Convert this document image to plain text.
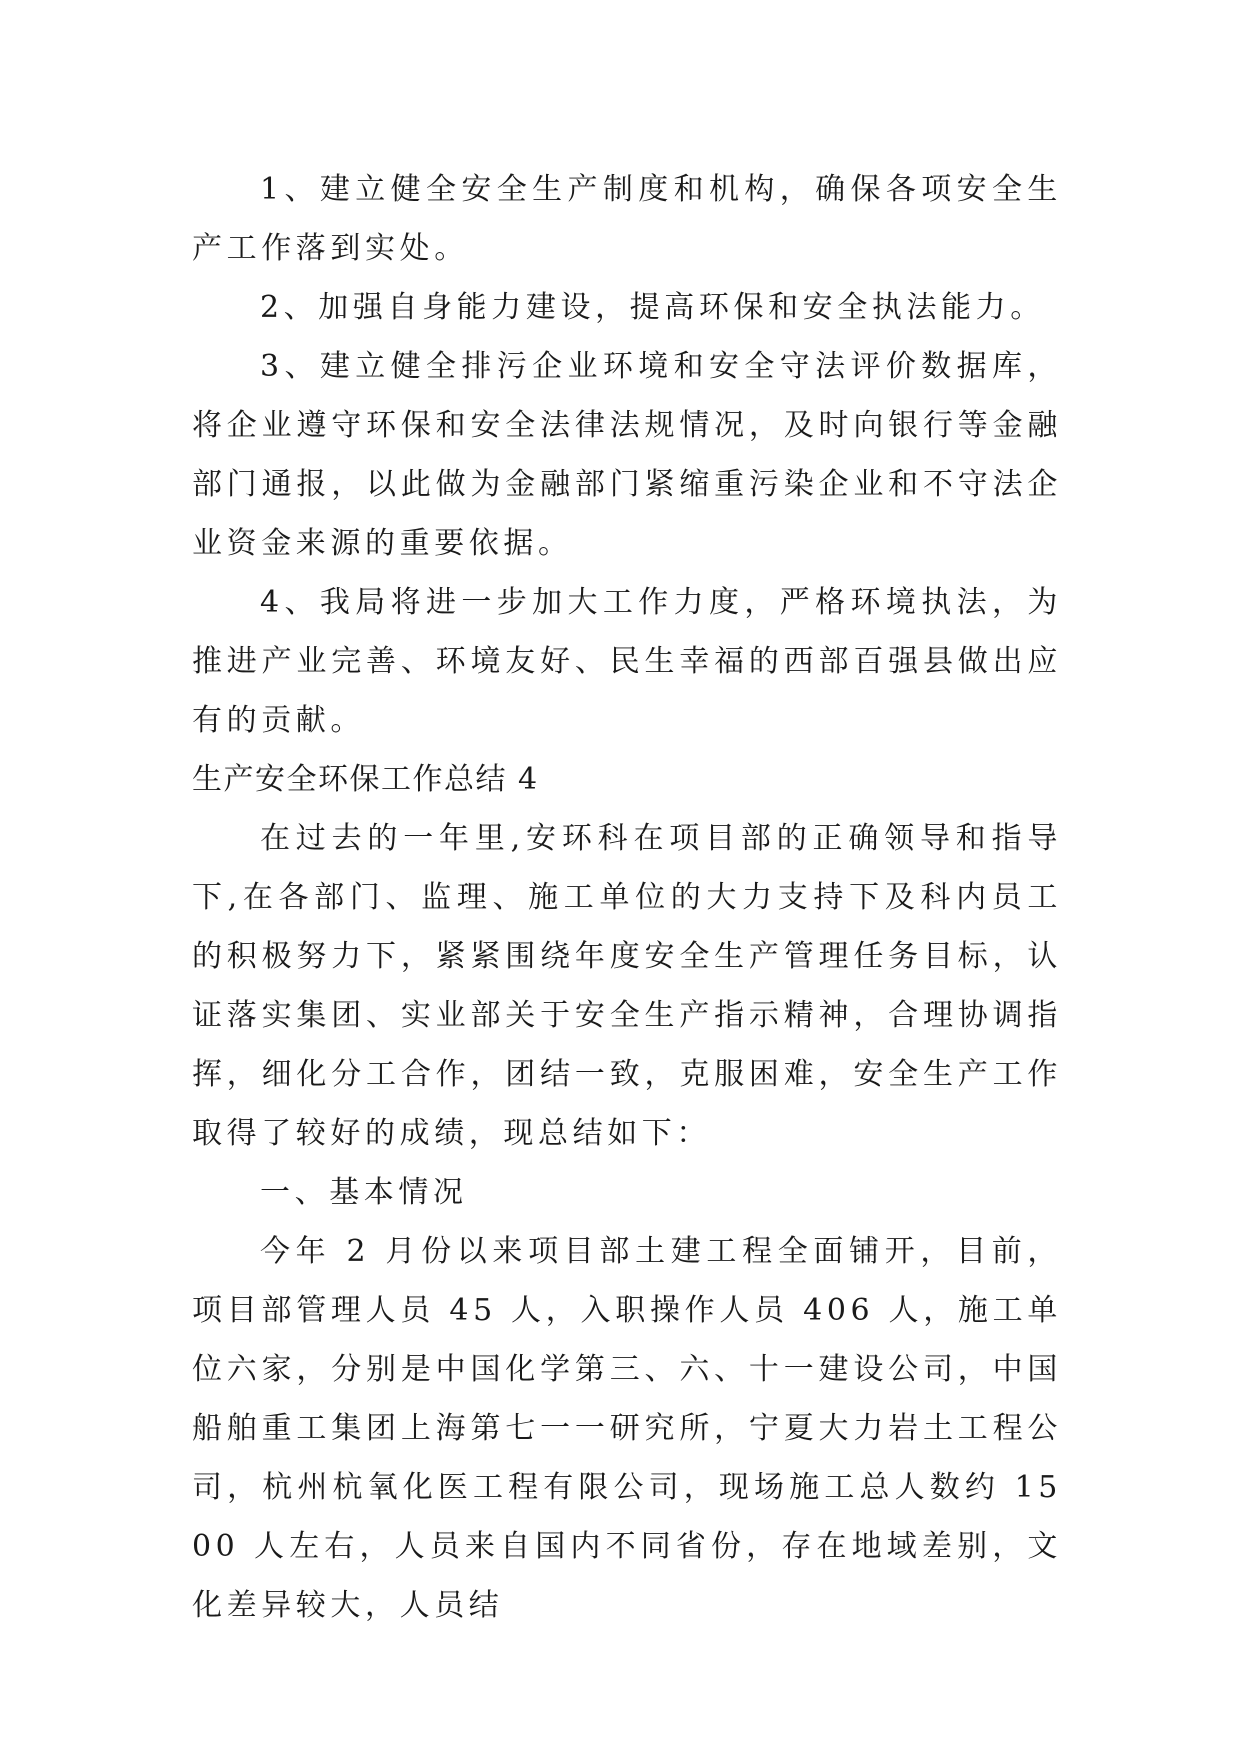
1、建立健全安全生产制度和机构，确保各项安全生产工作落到实处。

2、加强自身能力建设，提高环保和安全执法能力。

3、建立健全排污企业环境和安全守法评价数据库，将企业遵守环保和安全法律法规情况，及时向银行等金融部门通报，以此做为金融部门紧缩重污染企业和不守法企业资金来源的重要依据。

4、我局将进一步加大工作力度，严格环境执法，为推进产业完善、环境友好、民生幸福的西部百强县做出应有的贡献。

生产安全环保工作总结 4

在过去的一年里,安环科在项目部的正确领导和指导下,在各部门、监理、施工单位的大力支持下及科内员工的积极努力下，紧紧围绕年度安全生产管理任务目标，认证落实集团、实业部关于安全生产指示精神，合理协调指挥，细化分工合作，团结一致，克服困难，安全生产工作取得了较好的成绩，现总结如下：

一、基本情况

今年 2 月份以来项目部土建工程全面铺开，目前，项目部管理人员 45 人，入职操作人员 406 人，施工单位六家，分别是中国化学第三、六、十一建设公司，中国船舶重工集团上海第七一一研究所，宁夏大力岩土工程公司，杭州杭氧化医工程有限公司，现场施工总人数约 1500 人左右，人员来自国内不同省份，存在地域差别，文化差异较大，人员结
